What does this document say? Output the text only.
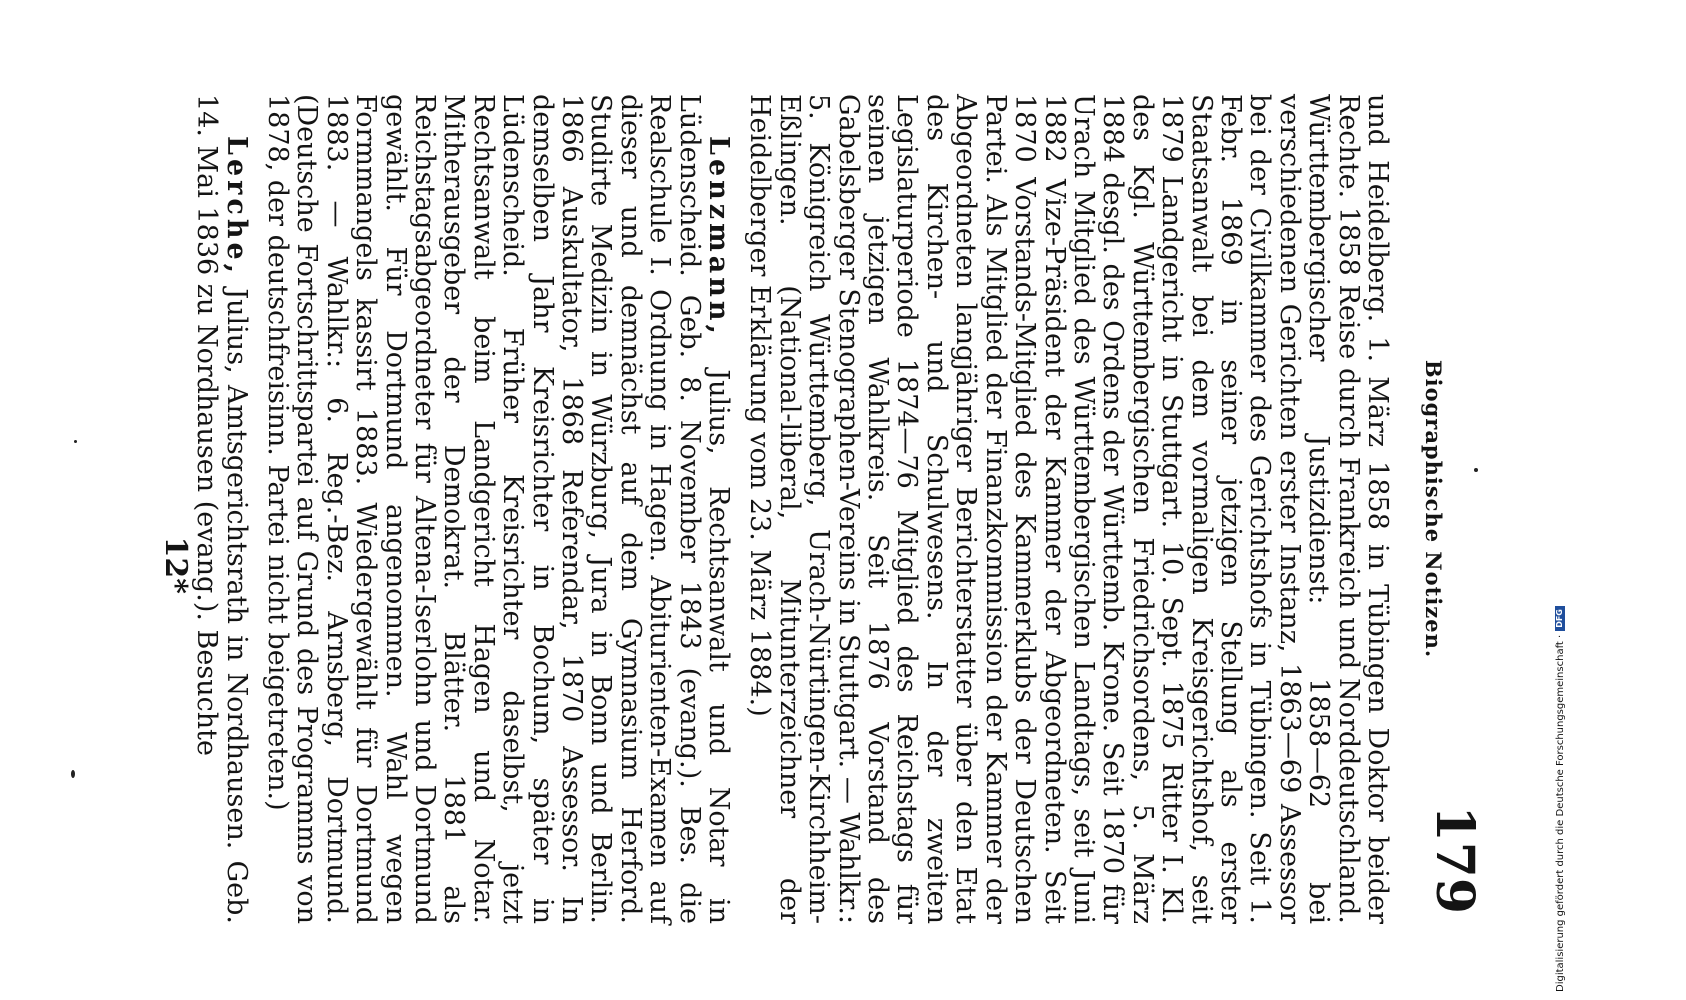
Biographische Notizen.
179

und Heidelberg. 1. März 1858 in Tübingen Doktor beider Rechte. 1858 Reise durch Frankreich und Norddeutschland. Württembergischer Justizdienst: 1858—62 bei verschiedenen Gerichten erster Instanz, 1863—69 Assessor bei der Civilkammer des Gerichtshofs in Tübingen. Seit 1. Febr. 1869 in seiner jetzigen Stellung als erster Staatsanwalt bei dem vormaligen Kreisgerichtshof, seit 1879 Landgericht in Stuttgart. 10. Sept. 1875 Ritter I. Kl. des Kgl. Württembergischen Friedrichsordens, 5. März 1884 desgl. des Ordens der Württemb. Krone. Seit 1870 für Urach Mitglied des Württembergischen Landtags, seit Juni 1882 Vize-Präsident der Kammer der Abgeordneten. Seit 1870 Vorstands-Mitglied des Kammerklubs der Deutschen Partei. Als Mitglied der Finanzkommission der Kammer der Abgeordneten langjähriger Berichterstatter über den Etat des Kirchen- und Schulwesens. In der zweiten Legislaturperiode 1874—76 Mitglied des Reichstags für seinen jetzigen Wahlkreis. Seit 1876 Vorstand des Gabelsberger Stenographen-Vereins in Stuttgart. — Wahlkr.: 5. Königreich Württemberg, Urach-Nürtingen-Kirchheim-Eßlingen. (National-liberal, Mitunterzeichner der Heidelberger Erklärung vom 23. März 1884.)

Lenzmann, Julius, Rechtsanwalt und Notar in Lüdenscheid. Geb. 8. November 1843 (evang.). Bes. die Realschule I. Ordnung in Hagen. Abiturienten-Examen auf dieser und demnächst auf dem Gymnasium Herford. Studirte Medizin in Würzburg, Jura in Bonn und Berlin. 1866 Auskultator, 1868 Referendar, 1870 Assessor. In demselben Jahr Kreisrichter in Bochum, später in Lüdenscheid. Früher Kreisrichter daselbst, jetzt Rechtsanwalt beim Landgericht Hagen und Notar. Mitherausgeber der Demokrat. Blätter. 1881 als Reichstagsabgeordneter für Altena-Iserlohn und Dortmund gewählt. Für Dortmund angenommen. Wahl wegen Formmangels kassirt 1883. Wiedergewählt für Dortmund 1883. — Wahlkr.: 6. Reg.-Bez. Arnsberg, Dortmund. (Deutsche Fortschrittspartei auf Grund des Programms von 1878, der deutschfreisinn. Partei nicht beigetreten.)

Lerche, Julius, Amtsgerichtsrath in Nordhausen. Geb. 14. Mai 1836 zu Nordhausen (evang.). Besuchte

12*
Digitalisierung gefördert durch die Deutsche Forschungsgemeinschaft ·
DFG
